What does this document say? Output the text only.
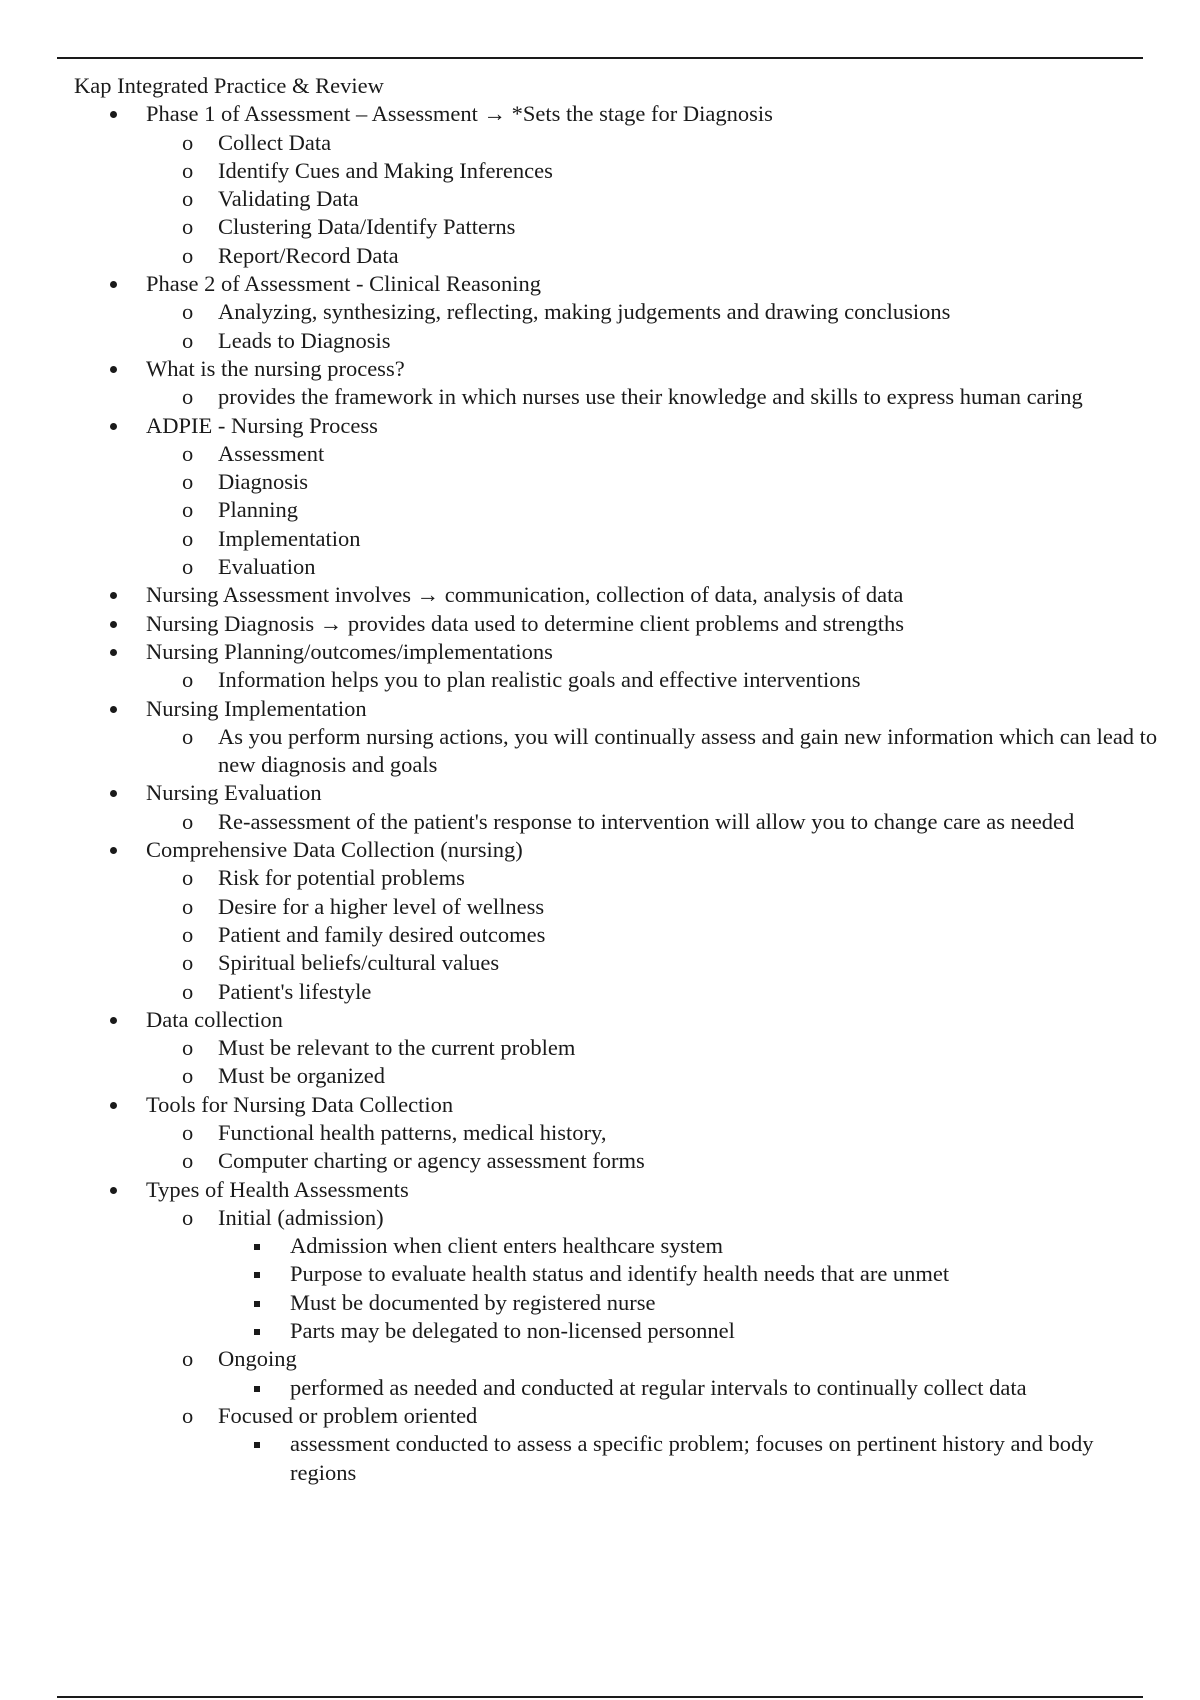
Kap Integrated Practice & Review
Phase 1 of Assessment – Assessment → *Sets the stage for Diagnosis
o Collect Data
o Identify Cues and Making Inferences
o Validating Data
o Clustering Data/Identify Patterns
o Report/Record Data
Phase 2 of Assessment - Clinical Reasoning
o Analyzing, synthesizing, reflecting, making judgements and drawing conclusions
o Leads to Diagnosis
What is the nursing process?
o provides the framework in which nurses use their knowledge and skills to express human caring
ADPIE - Nursing Process
o Assessment
o Diagnosis
o Planning
o Implementation
o Evaluation
Nursing Assessment involves → communication, collection of data, analysis of data
Nursing Diagnosis → provides data used to determine client problems and strengths
Nursing Planning/outcomes/implementations
o Information helps you to plan realistic goals and effective interventions
Nursing Implementation
o As you perform nursing actions, you will continually assess and gain new information which can lead to new diagnosis and goals
Nursing Evaluation
o Re-assessment of the patient's response to intervention will allow you to change care as needed
Comprehensive Data Collection (nursing)
o Risk for potential problems
o Desire for a higher level of wellness
o Patient and family desired outcomes
o Spiritual beliefs/cultural values
o Patient's lifestyle
Data collection
o Must be relevant to the current problem
o Must be organized
Tools for Nursing Data Collection
o Functional health patterns, medical history,
o Computer charting or agency assessment forms
Types of Health Assessments
o Initial (admission)
Admission when client enters healthcare system
Purpose to evaluate health status and identify health needs that are unmet
Must be documented by registered nurse
Parts may be delegated to non-licensed personnel
o Ongoing
performed as needed and conducted at regular intervals to continually collect data
o Focused or problem oriented
assessment conducted to assess a specific problem; focuses on pertinent history and body regions
